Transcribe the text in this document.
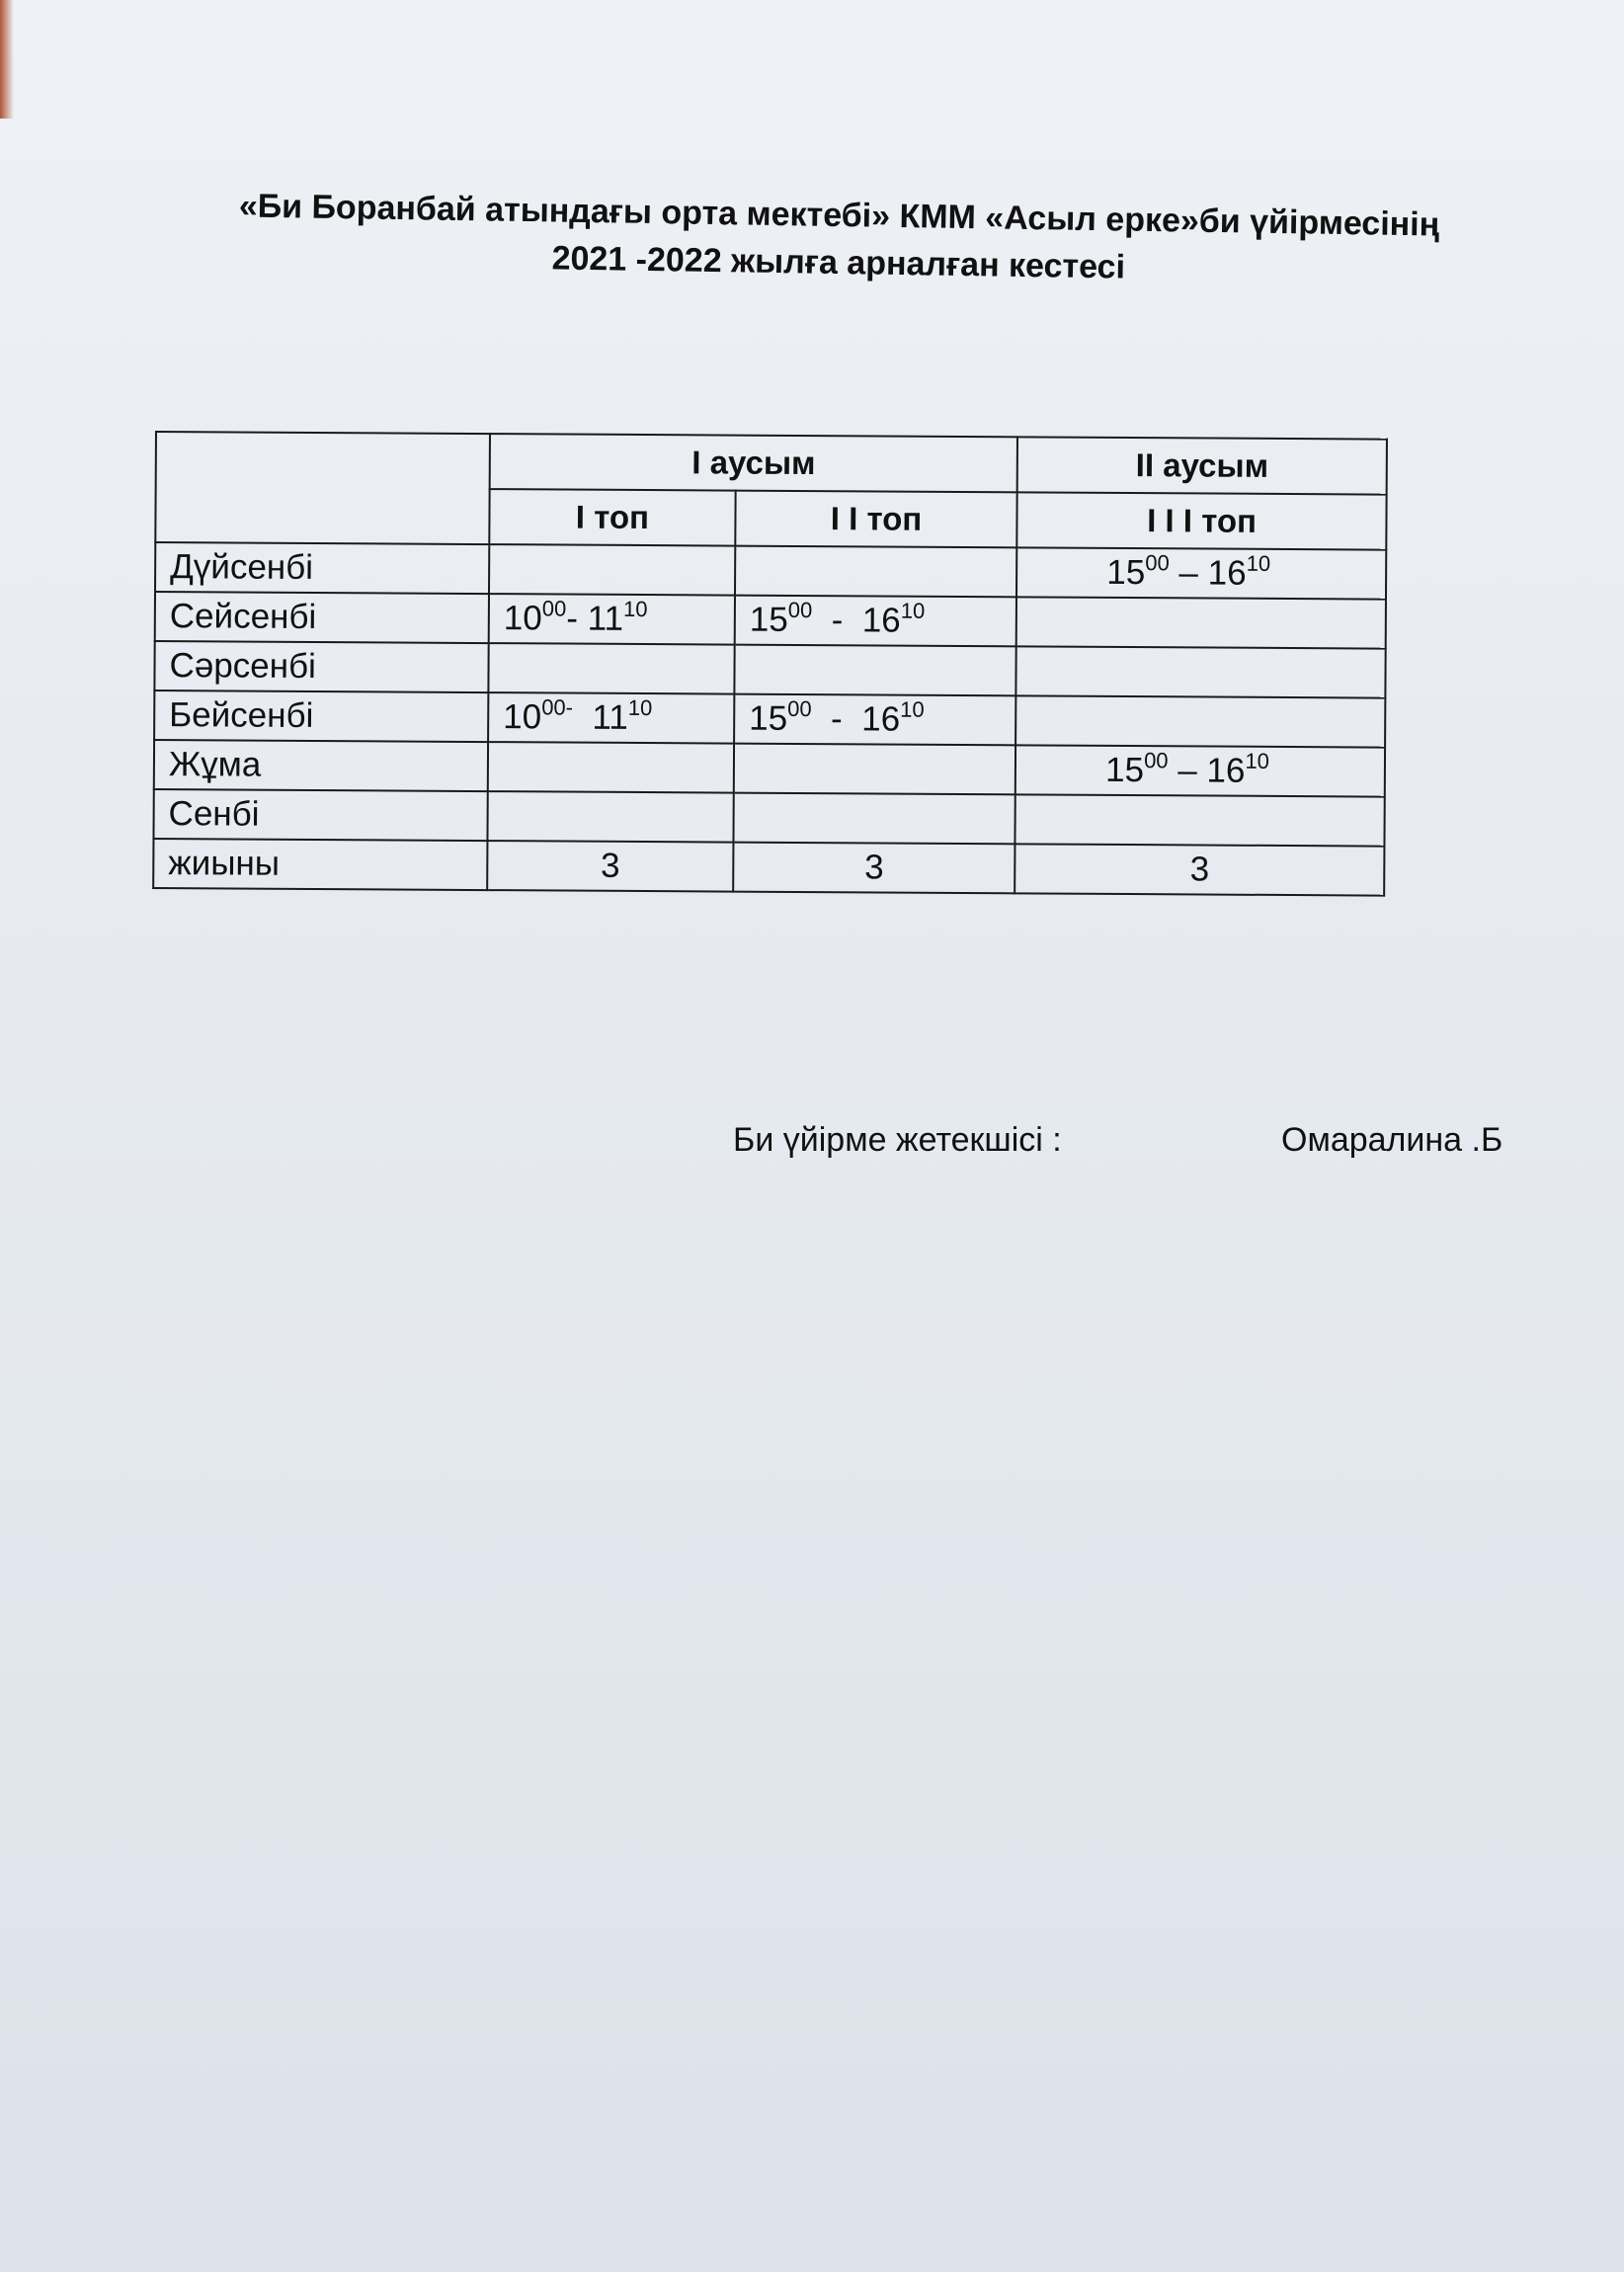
«Би Боранбай атындағы орта мектебі» КММ «Асыл ерке»би үйірмесінің
2021 -2022 жылға арналған кестесі
	I аусым		II аусым
	I топ	I I топ	I I I топ
Дүйсенбі			$15^{00} - 16^{10}$
Сейсенбі	$10^{00}-$ $11^{10}$	$15^{00} - 16^{10}$	
Сәрсенбі			
Бейсенбі	$10^{00-}$ $11^{10}$	$15^{00} - 16^{10}$	
Жұма			$15^{00} - 16^{10}$
Сенбі			
жиыны	3	3	3
Би үйірме жетекшісі :	Омаралина .Б
